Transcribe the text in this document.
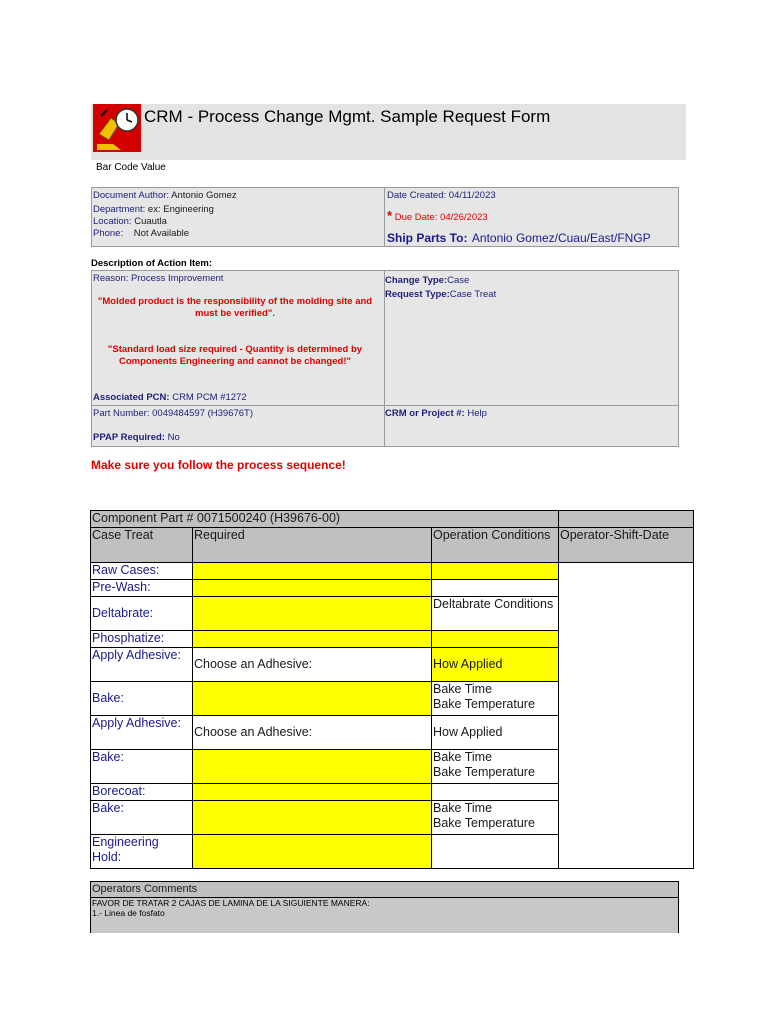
CRM - Process Change Mgmt. Sample Request Form
Bar Code Value
Document Author: Antonio Gomez
Department: ex: Engineering
Location: Cuautla
Phone: Not Available
Date Created: 04/11/2023
* Due Date: 04/26/2023
Ship Parts To: Antonio Gomez/Cuau/East/FNGP
Description of Action Item:
Reason: Process Improvement
"Molded product is the responsibility of the molding site and must be verified".
"Standard load size required - Quantity is determined by Components Engineering and cannot be changed!"
Associated PCN: CRM PCM #1272
Change Type:Case
Request Type:Case Treat
Part Number: 0049484597 (H39676T)
PPAP Required: No
CRM or Project #: Help
Make sure you follow the process sequence!
Component Part # 0071500240 (H39676-00)			
Case Treat	Required	Operation Conditions	Operator-Shift-Date
Raw Cases:			
Pre-Wash:			
Deltabrate:		Deltabrate Conditions	
Phosphatize:			
Apply Adhesive:	Choose an Adhesive:	How Applied	
Bake:		Bake Time
Bake Temperature	
Apply Adhesive:	Choose an Adhesive:	How Applied	
Bake:		Bake Time
Bake Temperature	
Borecoat:			
Bake:		Bake Time
Bake Temperature	
Engineering Hold:			
Operators Comments
FAVOR DE TRATAR 2 CAJAS DE LAMINA DE LA SIGUIENTE MANERA:
1.- Linea de fosfato
